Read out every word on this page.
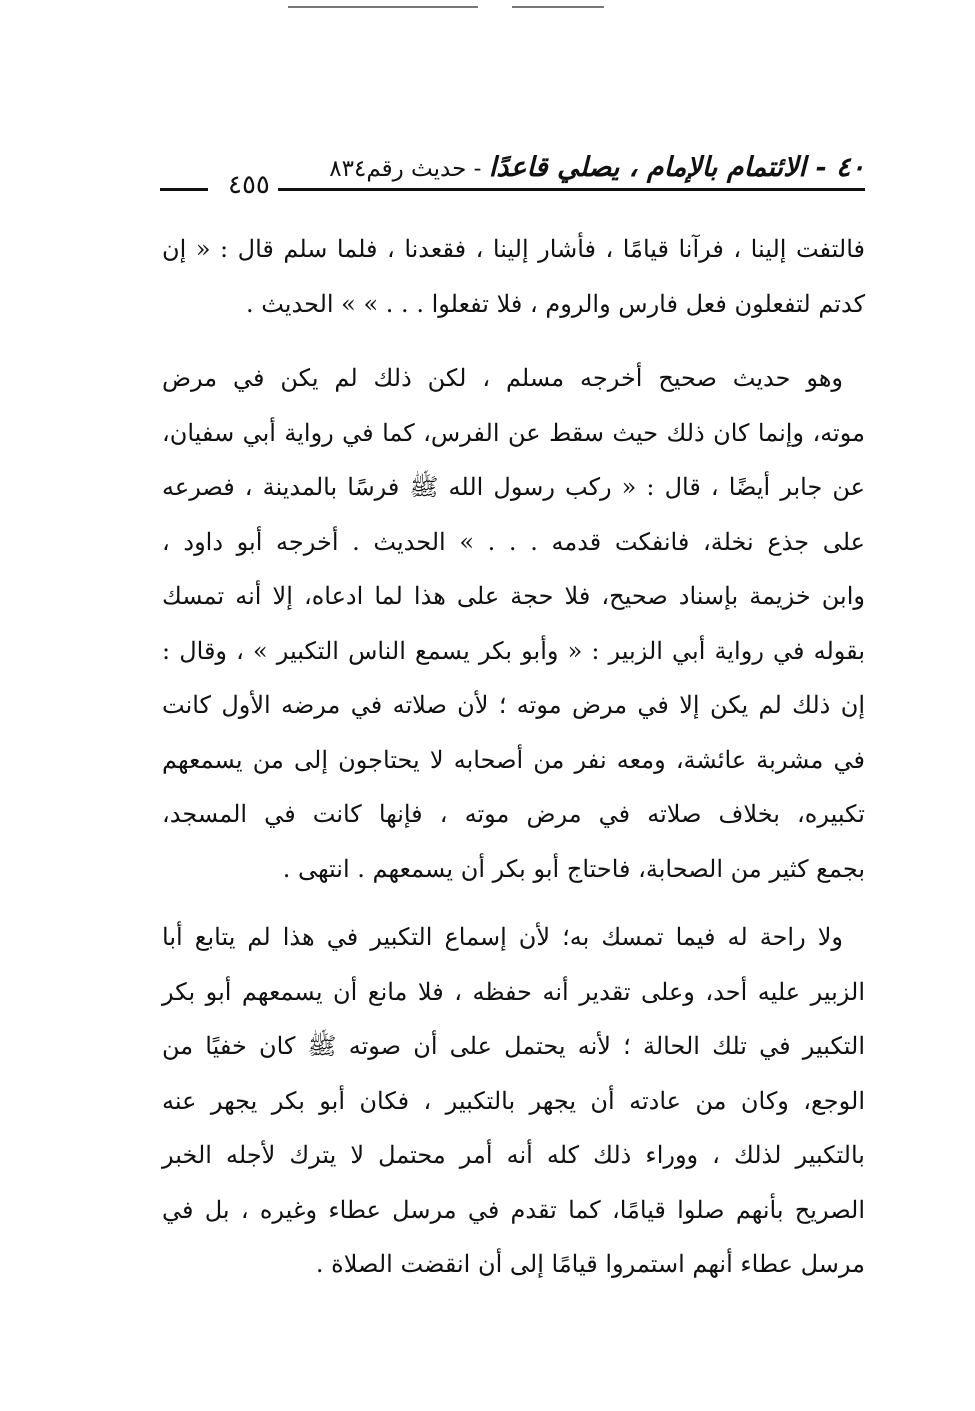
٤٠ - الائتمام بالإمام ، يصلي قاعدًا - حديث رقم٨٣٤
٤٥٥
فالتفت إلينا ، فرآنا قيامًا ، فأشار إلينا ، فقعدنا ، فلما سلم قال : « إن
كدتم لتفعلون فعل فارس والروم ، فلا تفعلوا . . . » » الحديث .
وهو حديث صحيح أخرجه مسلم ، لكن ذلك لم يكن في مرض
موته، وإنما كان ذلك حيث سقط عن الفرس، كما في رواية أبي سفيان،
عن جابر أيضًا ، قال : « ركب رسول الله ﷺ فرسًا بالمدينة ، فصرعه
على جذع نخلة، فانفكت قدمه . . . » الحديث . أخرجه أبو داود ،
وابن خزيمة بإسناد صحيح، فلا حجة على هذا لما ادعاه، إلا أنه تمسك
بقوله في رواية أبي الزبير : « وأبو بكر يسمع الناس التكبير » ، وقال :
إن ذلك لم يكن إلا في مرض موته ؛ لأن صلاته في مرضه الأول كانت
في مشربة عائشة، ومعه نفر من أصحابه لا يحتاجون إلى من يسمعهم
تكبيره، بخلاف صلاته في مرض موته ، فإنها كانت في المسجد،
بجمع كثير من الصحابة، فاحتاج أبو بكر أن يسمعهم . انتهى .
ولا راحة له فيما تمسك به؛ لأن إسماع التكبير في هذا لم يتابع أبا
الزبير عليه أحد، وعلى تقدير أنه حفظه ، فلا مانع أن يسمعهم أبو بكر
التكبير في تلك الحالة ؛ لأنه يحتمل على أن صوته ﷺ كان خفيًا من
الوجع، وكان من عادته أن يجهر بالتكبير ، فكان أبو بكر يجهر عنه
بالتكبير لذلك ، ووراء ذلك كله أنه أمر محتمل لا يترك لأجله الخبر
الصريح بأنهم صلوا قيامًا، كما تقدم في مرسل عطاء وغيره ، بل في
مرسل عطاء أنهم استمروا قيامًا إلى أن انقضت الصلاة .
